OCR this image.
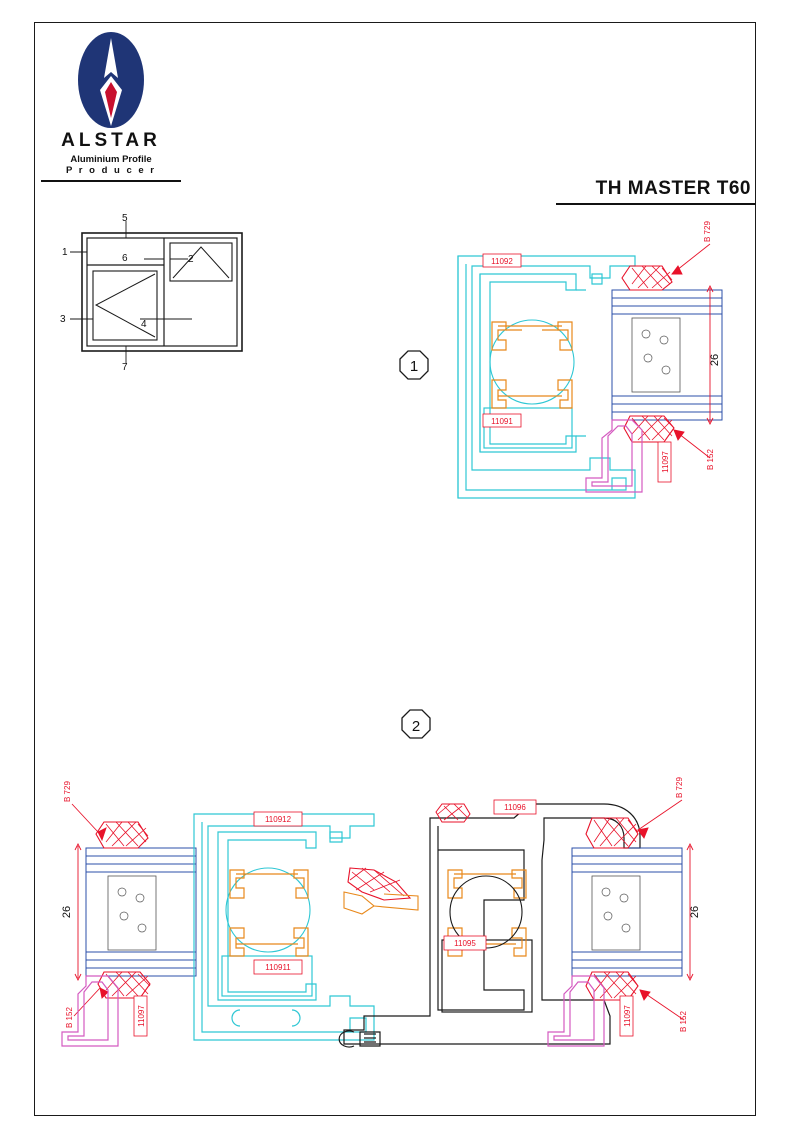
ALSTAR
Aluminium Profile
P r o d u c e r
TH MASTER T60
1
2
3	4
5
6
7	1	26
B 729
B 152
11092
11091
11097
2
26
B 729
B 152	11097
110912
110911
11096
11095
26
B 729
B 152
11097
